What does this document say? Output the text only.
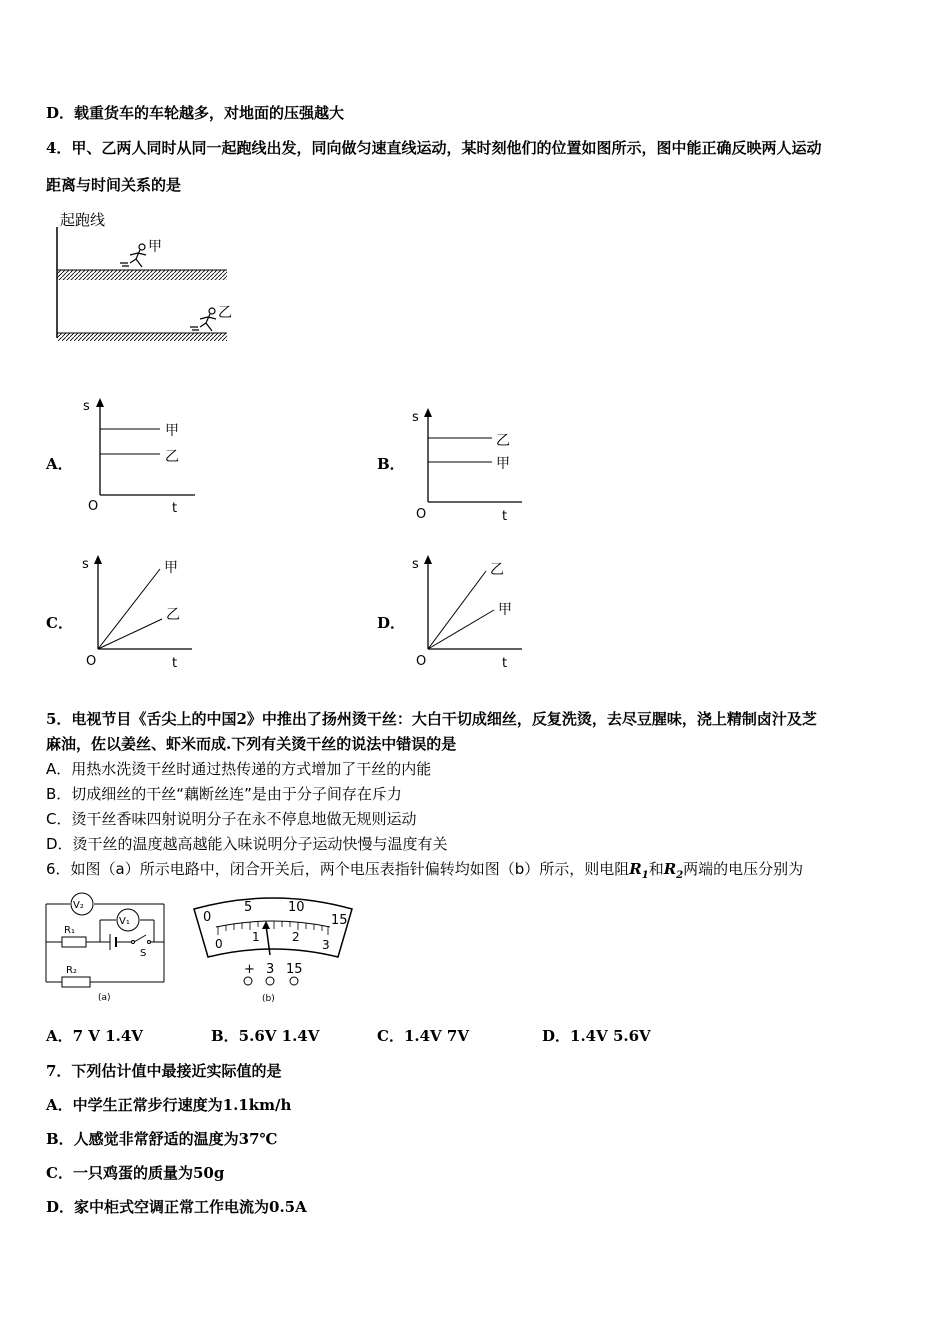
D．载重货车的车轮越多，对地面的压强越大
4．甲、乙两人同时从同一起跑线出发，同向做匀速直线运动，某时刻他们的位置如图所示，图中能正确反映两人运动
距离与时间关系的是
起跑线
甲
乙
A．	B．
C．	D．
s
O	t
甲
乙
s
O	t
乙
甲
s
O	t
甲
乙
s
O	t
乙
甲
5．电视节目《舌尖上的中国2》中推出了扬州烫干丝：大白干切成细丝，反复洗烫，去尽豆腥味，浇上精制卤汁及芝
麻油，佐以姜丝、虾米而成.下列有关烫干丝的说法中错误的是
A．用热水洗烫干丝时通过热传递的方式增加了干丝的内能
B．切成细丝的干丝“藕断丝连”是由于分子间存在斥力
C．烫干丝香味四射说明分子在永不停息地做无规则运动
D．烫干丝的温度越高越能入味说明分子运动快慢与温度有关
6．如图（a）所示电路中，闭合开关后，两个电压表指针偏转均如图（b）所示，则电阻$R_1$和$R_2$两端的电压分别为
V₂
V₁
R₁
S
R₂
(a)
0
5	10
15
0 1	2
3
+ 3 15
(b)
A．7 V 1.4V	B．5.6V 1.4V	C．1.4V 7V	D．1.4V 5.6V
7．下列估计值中最接近实际值的是
A．中学生正常步行速度为1.1km/h
B．人感觉非常舒适的温度为37℃
C．一只鸡蛋的质量为50g
D．家中柜式空调正常工作电流为0.5A
